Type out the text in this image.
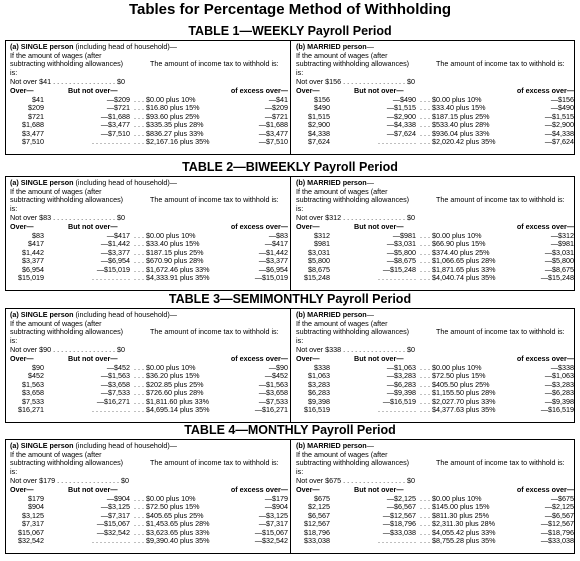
Tables for Percentage Method of Withholding
TABLE 1—WEEKLY Payroll Period
(a) SINGLE person (including head of household)—
If the amount of wages (after subtracting withholding allowances) is:
The amount of income tax to withhold is:
Not over $41 . . . . . . . . . . . . . . . . $0
Over—	But not over—	of excess over—
$41	—$209 . . . $0.00 plus 10%	—$41
$209	—$721 . . . $16.80 plus 15%	—$209
$721	—$1,688 . . . $93.60 plus 25%	—$721
$1,688	—$3,477 . . . $335.35 plus 28%	—$1,688
$3,477	—$7,510 . . . $836.27 plus 33%	—$3,477
$7,510	. . . . . . . . . . . . . $2,167.16 plus 35%	—$7,510
(b) MARRIED person—
If the amount of wages (after subtracting withholding allowances) is:
The amount of income tax to withhold is:
Not over $156 . . . . . . . . . . . . . . . . $0
Over—	But not over—	of excess over—
$156	—$490 . . . $0.00 plus 10%	—$156
$490	—$1,515 . . . $33.40 plus 15%	—$490
$1,515	—$2,900 . . . $187.15 plus 25%	—$1,515
$2,900	—$4,338 . . . $533.40 plus 28%	—$2,900
$4,338	—$7,624 . . . $936.04 plus 33%	—$4,338
$7,624	. . . . . . . . . . . . . $2,020.42 plus 35%	—$7,624
TABLE 2—BIWEEKLY Payroll Period
(a) SINGLE person (including head of household)—
If the amount of wages (after subtracting withholding allowances) is:
The amount of income tax to withhold is:
Not over $83 . . . . . . . . . . . . . . . . $0
Over—	But not over—	of excess over—
$83	—$417 . . . $0.00 plus 10%	—$83
$417	—$1,442 . . . $33.40 plus 15%	—$417
$1,442	—$3,377 . . . $187.15 plus 25%	—$1,442
$3,377	—$6,954 . . . $670.90 plus 28%	—$3,377
$6,954	—$15,019 . . . $1,672.46 plus 33%	—$6,954
$15,019	. . . . . . . . . . . . . $4,333.91 plus 35%	—$15,019
(b) MARRIED person—
If the amount of wages (after subtracting withholding allowances) is:
The amount of income tax to withhold is:
Not over $312 . . . . . . . . . . . . . . . . $0
Over—	But not over—	of excess over—
$312	—$981 . . . $0.00 plus 10%	—$312
$981	—$3,031 . . . $66.90 plus 15%	—$981
$3,031	—$5,800 . . . $374.40 plus 25%	—$3,031
$5,800	—$8,675 . . . $1,066.65 plus 28%	—$5,800
$8,675	—$15,248 . . . $1,871.65 plus 33%	—$8,675
$15,248	. . . . . . . . . . . . . $4,040.74 plus 35%	—$15,248
TABLE 3—SEMIMONTHLY Payroll Period
(a) SINGLE person (including head of household)—
If the amount of wages (after subtracting withholding allowances) is:
The amount of income tax to withhold is:
Not over $90 . . . . . . . . . . . . . . . . $0
Over—	But not over—	of excess over—
$90	—$452 . . . $0.00 plus 10%	—$90
$452	—$1,563 . . . $36.20 plus 15%	—$452
$1,563	—$3,658 . . . $202.85 plus 25%	—$1,563
$3,658	—$7,533 . . . $726.60 plus 28%	—$3,658
$7,533	—$16,271 . . . $1,811.60 plus 33%	—$7,533
$16,271	. . . . . . . . . . . . . $4,695.14 plus 35%	—$16,271
(b) MARRIED person—
If the amount of wages (after subtracting withholding allowances) is:
The amount of income tax to withhold is:
Not over $338 . . . . . . . . . . . . . . . . $0
Over—	But not over—	of excess over—
$338	—$1,063 . . . $0.00 plus 10%	—$338
$1,063	—$3,283 . . . $72.50 plus 15%	—$1,063
$3,283	—$6,283 . . . $405.50 plus 25%	—$3,283
$6,283	—$9,398 . . . $1,155.50 plus 28%	—$6,283
$9,398	—$16,519 . . . $2,027.70 plus 33%	—$9,398
$16,519	. . . . . . . . . . . . . $4,377.63 plus 35%	—$16,519
TABLE 4—MONTHLY Payroll Period
(a) SINGLE person (including head of household)—
If the amount of wages (after subtracting withholding allowances) is:
The amount of income tax to withhold is:
Not over $179 . . . . . . . . . . . . . . . . $0
Over—	But not over—	of excess over—
$179	—$904 . . . $0.00 plus 10%	—$179
$904	—$3,125 . . . $72.50 plus 15%	—$904
$3,125	—$7,317 . . . $405.65 plus 25%	—$3,125
$7,317	—$15,067 . . . $1,453.65 plus 28%	—$7,317
$15,067	—$32,542 . . . $3,623.65 plus 33%	—$15,067
$32,542	. . . . . . . . . . . . . $9,390.40 plus 35%	—$32,542
(b) MARRIED person—
If the amount of wages (after subtracting withholding allowances) is:
The amount of income tax to withhold is:
Not over $675 . . . . . . . . . . . . . . . . $0
Over—	But not over—	of excess over—
$675	—$2,125 . . . $0.00 plus 10%	—$675
$2,125	—$6,567 . . . $145.00 plus 15%	—$2,125
$6,567	—$12,567 . . . $811.30 plus 25%	—$6,567
$12,567	—$18,796 . . . $2,311.30 plus 28%	—$12,567
$18,796	—$33,038 . . . $4,055.42 plus 33%	—$18,796
$33,038	. . . . . . . . . . . . . $8,755.28 plus 35%	—$33,038
